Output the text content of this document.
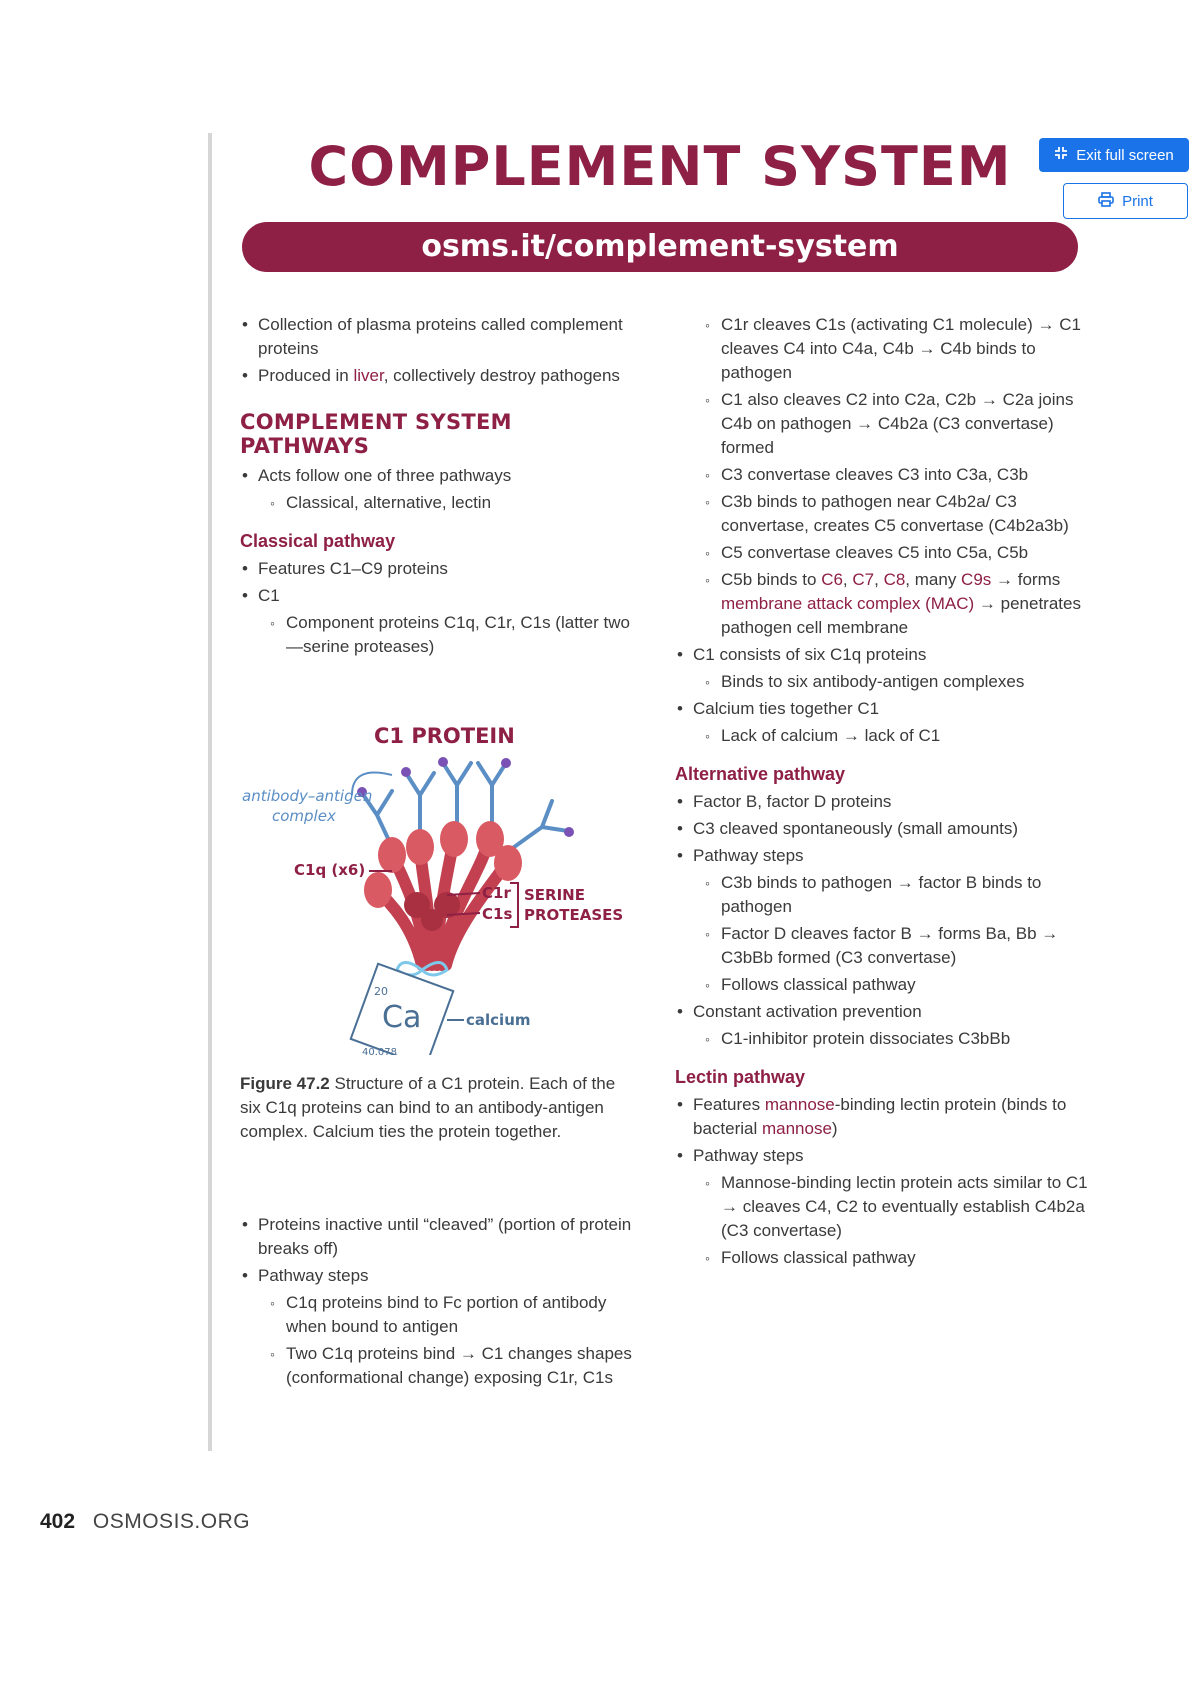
COMPLEMENT SYSTEM	Exit full screen
Print
osms.it/complement-system
• Collection of plasma proteins called complement proteins
• Produced in liver, collectively destroy pathogens
COMPLEMENT SYSTEM PATHWAYS
• Acts follow one of three pathways
◦ Classical, alternative, lectin
Classical pathway
• Features C1–C9 proteins
• C1
◦ Component proteins C1q, C1r, C1s (latter two—serine proteases)
C1 PROTEIN
20
Ca
40.078
antibody–antigen
complex
C1q (x6)
C1r
C1s
SERINE
PROTEASES
calcium
Figure 47.2 Structure of a C1 protein. Each of the six C1q proteins can bind to an antibody-antigen complex. Calcium ties the protein together.
• Proteins inactive until “cleaved” (portion of protein breaks off)
• Pathway steps
◦ C1q proteins bind to Fc portion of antibody when bound to antigen
◦ Two C1q proteins bind → C1 changes shapes (conformational change) exposing C1r, C1s
◦ C1r cleaves C1s (activating C1 molecule) → C1 cleaves C4 into C4a, C4b → C4b binds to pathogen
◦ C1 also cleaves C2 into C2a, C2b → C2a joins C4b on pathogen → C4b2a (C3 convertase) formed
◦ C3 convertase cleaves C3 into C3a, C3b
◦ C3b binds to pathogen near C4b2a/ C3 convertase, creates C5 convertase (C4b2a3b)
◦ C5 convertase cleaves C5 into C5a, C5b
◦ C5b binds to C6, C7, C8, many C9s → forms membrane attack complex (MAC) → penetrates pathogen cell membrane
• C1 consists of six C1q proteins
◦ Binds to six antibody-antigen complexes
• Calcium ties together C1
◦ Lack of calcium → lack of C1
Alternative pathway
• Factor B, factor D proteins
• C3 cleaved spontaneously (small amounts)
• Pathway steps
◦ C3b binds to pathogen → factor B binds to pathogen
◦ Factor D cleaves factor B → forms Ba, Bb → C3bBb formed (C3 convertase)
◦ Follows classical pathway
• Constant activation prevention
◦ C1-inhibitor protein dissociates C3bBb
Lectin pathway
• Features mannose-binding lectin protein (binds to bacterial mannose)
• Pathway steps
◦ Mannose-binding lectin protein acts similar to C1 → cleaves C4, C2 to eventually establish C4b2a (C3 convertase)
◦ Follows classical pathway
402 OSMOSIS.ORG
